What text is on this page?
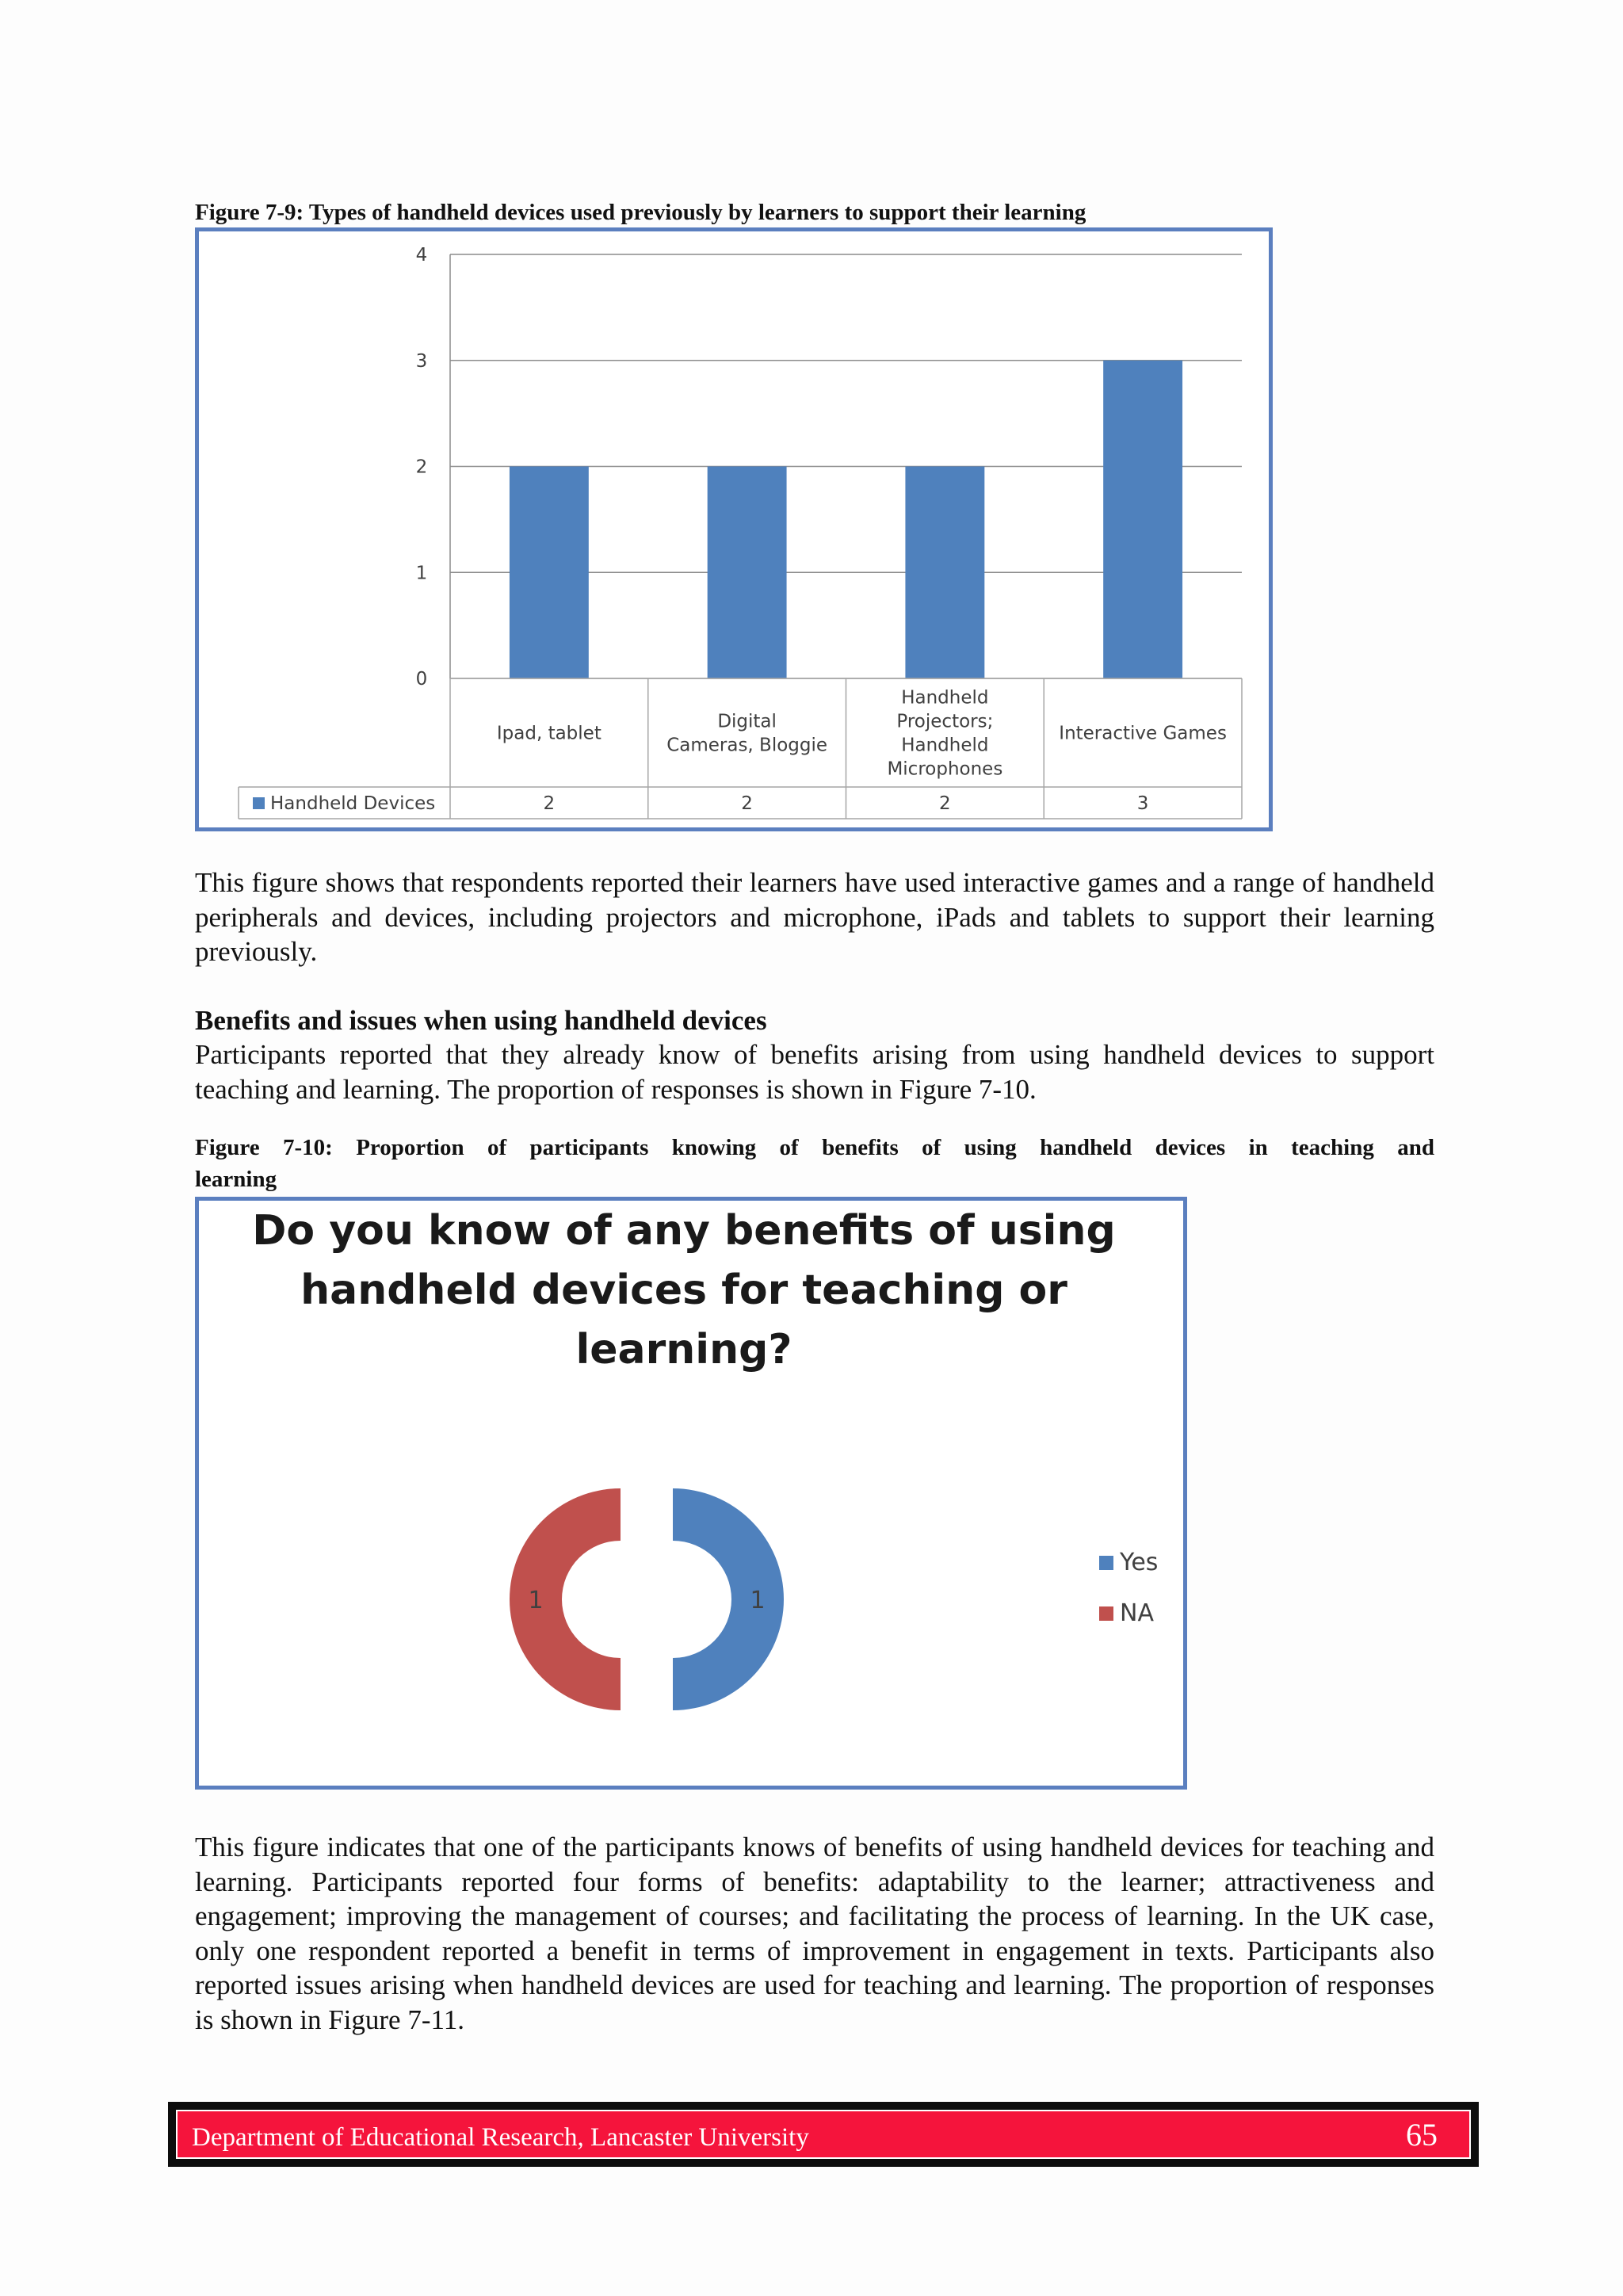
Figure 7-9: Types of handheld devices used previously by learners to support their learning

0
1
2
3
4
Ipad, tablet
2
Digital
Cameras, Bloggie
2
Handheld
Projectors;
Handheld
Microphones
2
Interactive Games
3
Handheld Devices

This figure shows that respondents reported their learners have used interactive games and a range of handheld peripherals and devices, including projectors and microphone, iPads and tablets to support their learning previously.

Benefits and issues when using handheld devices

Participants reported that they already know of benefits arising from using handheld devices to support teaching and learning. The proportion of responses is shown in Figure 7-10.

Figure 7-10: Proportion of participants knowing of benefits of using handheld devices in teaching and

learning

Do you know of any benefits of using
handheld devices for teaching or
learning?
1
1
Yes
NA

This figure indicates that one of the participants knows of benefits of using handheld devices for teaching and learning. Participants reported four forms of benefits: adaptability to the learner; attractiveness and engagement; improving the management of courses; and facilitating the process of learning. In the UK case, only one respondent reported a benefit in terms of improvement in engagement in texts. Participants also reported issues arising when handheld devices are used for teaching and learning. The proportion of responses is shown in Figure 7-11.

Department of Educational Research, Lancaster University	65
